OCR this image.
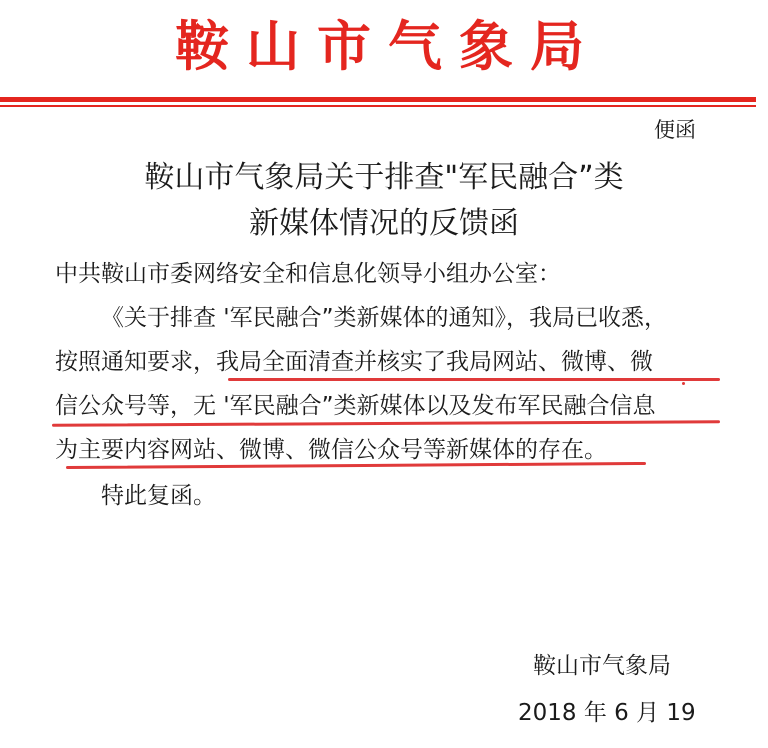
鞍山市气象局
便函
鞍山市气象局关于排查"军民融合”类
新媒体情况的反馈函
中共鞍山市委网络安全和信息化领导小组办公室：
《关于排查 '军民融合”类新媒体的通知》，我局已收悉，
按照通知要求，我局全面清查并核实了我局网站、微博、微
信公众号等，无 '军民融合”类新媒体以及发布军民融合信息
为主要内容网站、微博、微信公众号等新媒体的存在。
特此复函。
鞍山市气象局
2018 年 6 月 19
